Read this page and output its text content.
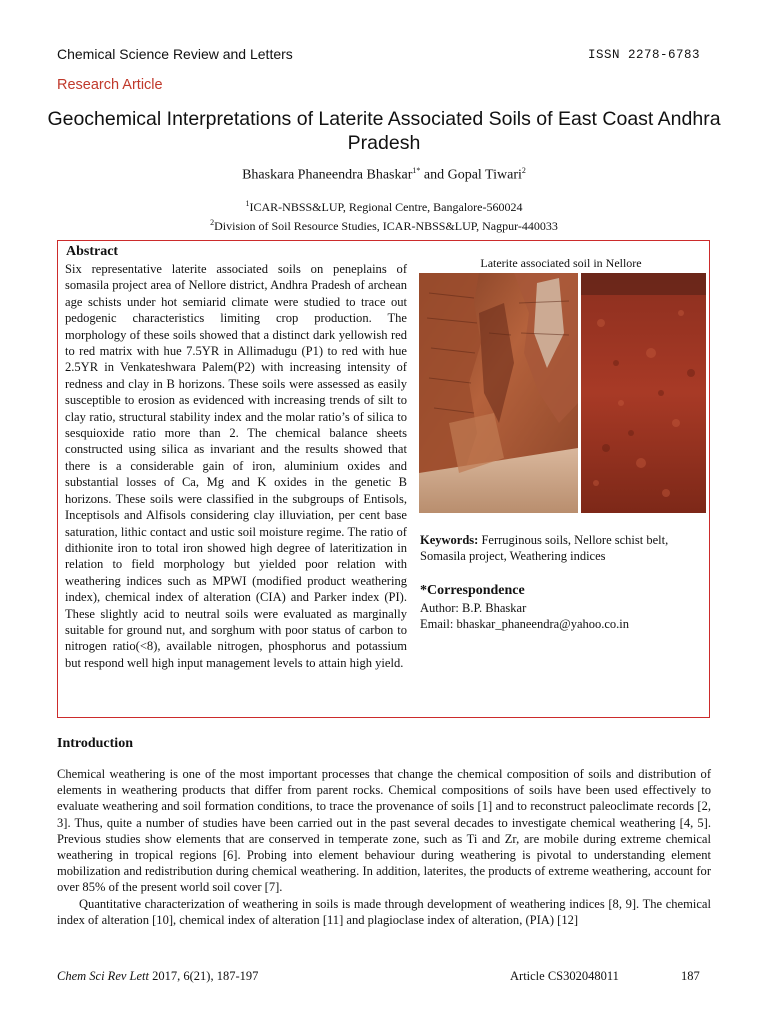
Chemical Science Review and Letters	ISSN 2278-6783
Research Article
Geochemical Interpretations of Laterite Associated Soils of East Coast Andhra Pradesh
Bhaskara Phaneendra Bhaskar$^{1*}$ and Gopal Tiwari$^2$
$^1$ICAR-NBSS&LUP, Regional Centre, Bangalore-560024
$^2$Division of Soil Resource Studies, ICAR-NBSS&LUP, Nagpur-440033
Abstract
Six representative laterite associated soils on peneplains of somasila project area of Nellore district, Andhra Pradesh of archean age schists under hot semiarid climate were studied to trace out pedogenic characteristics limiting crop production. The morphology of these soils showed that a distinct dark yellowish red to red matrix with hue 7.5YR in Allimadugu (P1) to red with hue 2.5YR in Venkateshwara Palem(P2) with increasing intensity of redness and clay in B horizons. These soils were assessed as easily susceptible to erosion as evidenced with increasing trends of silt to clay ratio, structural stability index and the molar ratio’s of silica to sesquioxide ratio more than 2. The chemical balance sheets constructed using silica as invariant and the results showed that there is a considerable gain of iron, aluminium oxides and substantial losses of Ca, Mg and K oxides in the genetic B horizons. These soils were classified in the subgroups of Entisols, Inceptisols and Alfisols considering clay illuviation, per cent base saturation, lithic contact and ustic soil moisture regime. The ratio of dithionite iron to total iron showed high degree of lateritization in relation to field morphology but yielded poor relation with weathering indices such as MPWI (modified product weathering index), chemical index of alteration (CIA) and Parker index (PI). These slightly acid to neutral soils were evaluated as marginally suitable for ground nut, and sorghum with poor status of carbon to nitrogen ratio(<8), available nitrogen, phosphorus and potassium but respond well high input management levels to attain high yield.
Laterite associated soil in Nellore
Keywords: Ferruginous soils, Nellore schist belt, Somasila project, Weathering indices
*Correspondence
Author: B.P. Bhaskar
Email: bhaskar_phaneendra@yahoo.co.in
Introduction

Chemical weathering is one of the most important processes that change the chemical composition of soils and distribution of elements in weathering products that differ from parent rocks. Chemical compositions of soils have been used effectively to evaluate weathering and soil formation conditions, to trace the provenance of soils [1] and to reconstruct paleoclimate records [2, 3]. Thus, quite a number of studies have been carried out in the past several decades to investigate chemical weathering [4, 5]. Previous studies show elements that are conserved in temperate zone, such as Ti and Zr, are mobile during extreme chemical weathering in tropical regions [6]. Probing into element behaviour during weathering is pivotal to understanding element mobilization and redistribution during chemical weathering. In addition, laterites, the products of extreme weathering, account for over 85% of the present world soil cover [7].

Quantitative characterization of weathering in soils is made through development of weathering indices [8, 9]. The chemical index of alteration [10], chemical index of alteration [11] and plagioclase index of alteration, (PIA) [12]

Chem Sci Rev Lett 2017, 6(21), 187-197	Article CS302048011	187
